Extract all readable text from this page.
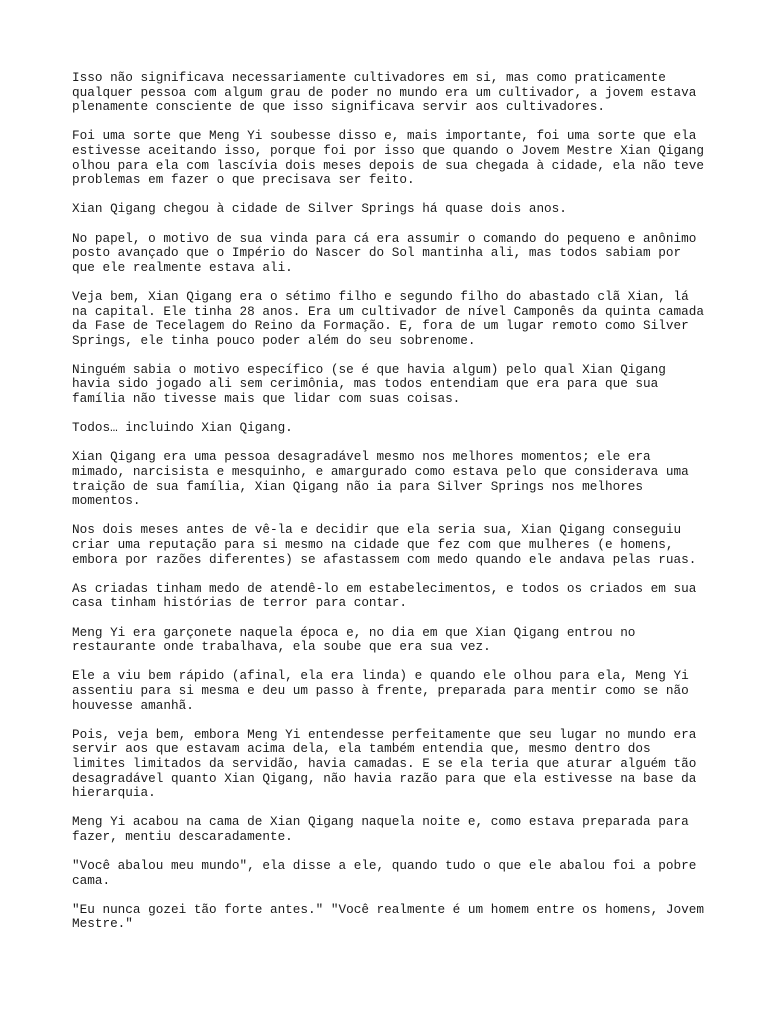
Isso não significava necessariamente cultivadores em si, mas como praticamente
qualquer pessoa com algum grau de poder no mundo era um cultivador, a jovem estava
plenamente consciente de que isso significava servir aos cultivadores.

Foi uma sorte que Meng Yi soubesse disso e, mais importante, foi uma sorte que ela
estivesse aceitando isso, porque foi por isso que quando o Jovem Mestre Xian Qigang
olhou para ela com lascívia dois meses depois de sua chegada à cidade, ela não teve
problemas em fazer o que precisava ser feito.

Xian Qigang chegou à cidade de Silver Springs há quase dois anos.

No papel, o motivo de sua vinda para cá era assumir o comando do pequeno e anônimo
posto avançado que o Império do Nascer do Sol mantinha ali, mas todos sabiam por
que ele realmente estava ali.

Veja bem, Xian Qigang era o sétimo filho e segundo filho do abastado clã Xian, lá
na capital. Ele tinha 28 anos. Era um cultivador de nível Camponês da quinta camada
da Fase de Tecelagem do Reino da Formação. E, fora de um lugar remoto como Silver
Springs, ele tinha pouco poder além do seu sobrenome.

Ninguém sabia o motivo específico (se é que havia algum) pelo qual Xian Qigang
havia sido jogado ali sem cerimônia, mas todos entendiam que era para que sua
família não tivesse mais que lidar com suas coisas.

Todos… incluindo Xian Qigang.

Xian Qigang era uma pessoa desagradável mesmo nos melhores momentos; ele era
mimado, narcisista e mesquinho, e amargurado como estava pelo que considerava uma
traição de sua família, Xian Qigang não ia para Silver Springs nos melhores
momentos.

Nos dois meses antes de vê-la e decidir que ela seria sua, Xian Qigang conseguiu
criar uma reputação para si mesmo na cidade que fez com que mulheres (e homens,
embora por razões diferentes) se afastassem com medo quando ele andava pelas ruas.

As criadas tinham medo de atendê-lo em estabelecimentos, e todos os criados em sua
casa tinham histórias de terror para contar.

Meng Yi era garçonete naquela época e, no dia em que Xian Qigang entrou no
restaurante onde trabalhava, ela soube que era sua vez.

Ele a viu bem rápido (afinal, ela era linda) e quando ele olhou para ela, Meng Yi
assentiu para si mesma e deu um passo à frente, preparada para mentir como se não
houvesse amanhã.

Pois, veja bem, embora Meng Yi entendesse perfeitamente que seu lugar no mundo era
servir aos que estavam acima dela, ela também entendia que, mesmo dentro dos
limites limitados da servidão, havia camadas. E se ela teria que aturar alguém tão
desagradável quanto Xian Qigang, não havia razão para que ela estivesse na base da
hierarquia.

Meng Yi acabou na cama de Xian Qigang naquela noite e, como estava preparada para
fazer, mentiu descaradamente.

"Você abalou meu mundo", ela disse a ele, quando tudo o que ele abalou foi a pobre
cama.

"Eu nunca gozei tão forte antes." "Você realmente é um homem entre os homens, Jovem
Mestre."
